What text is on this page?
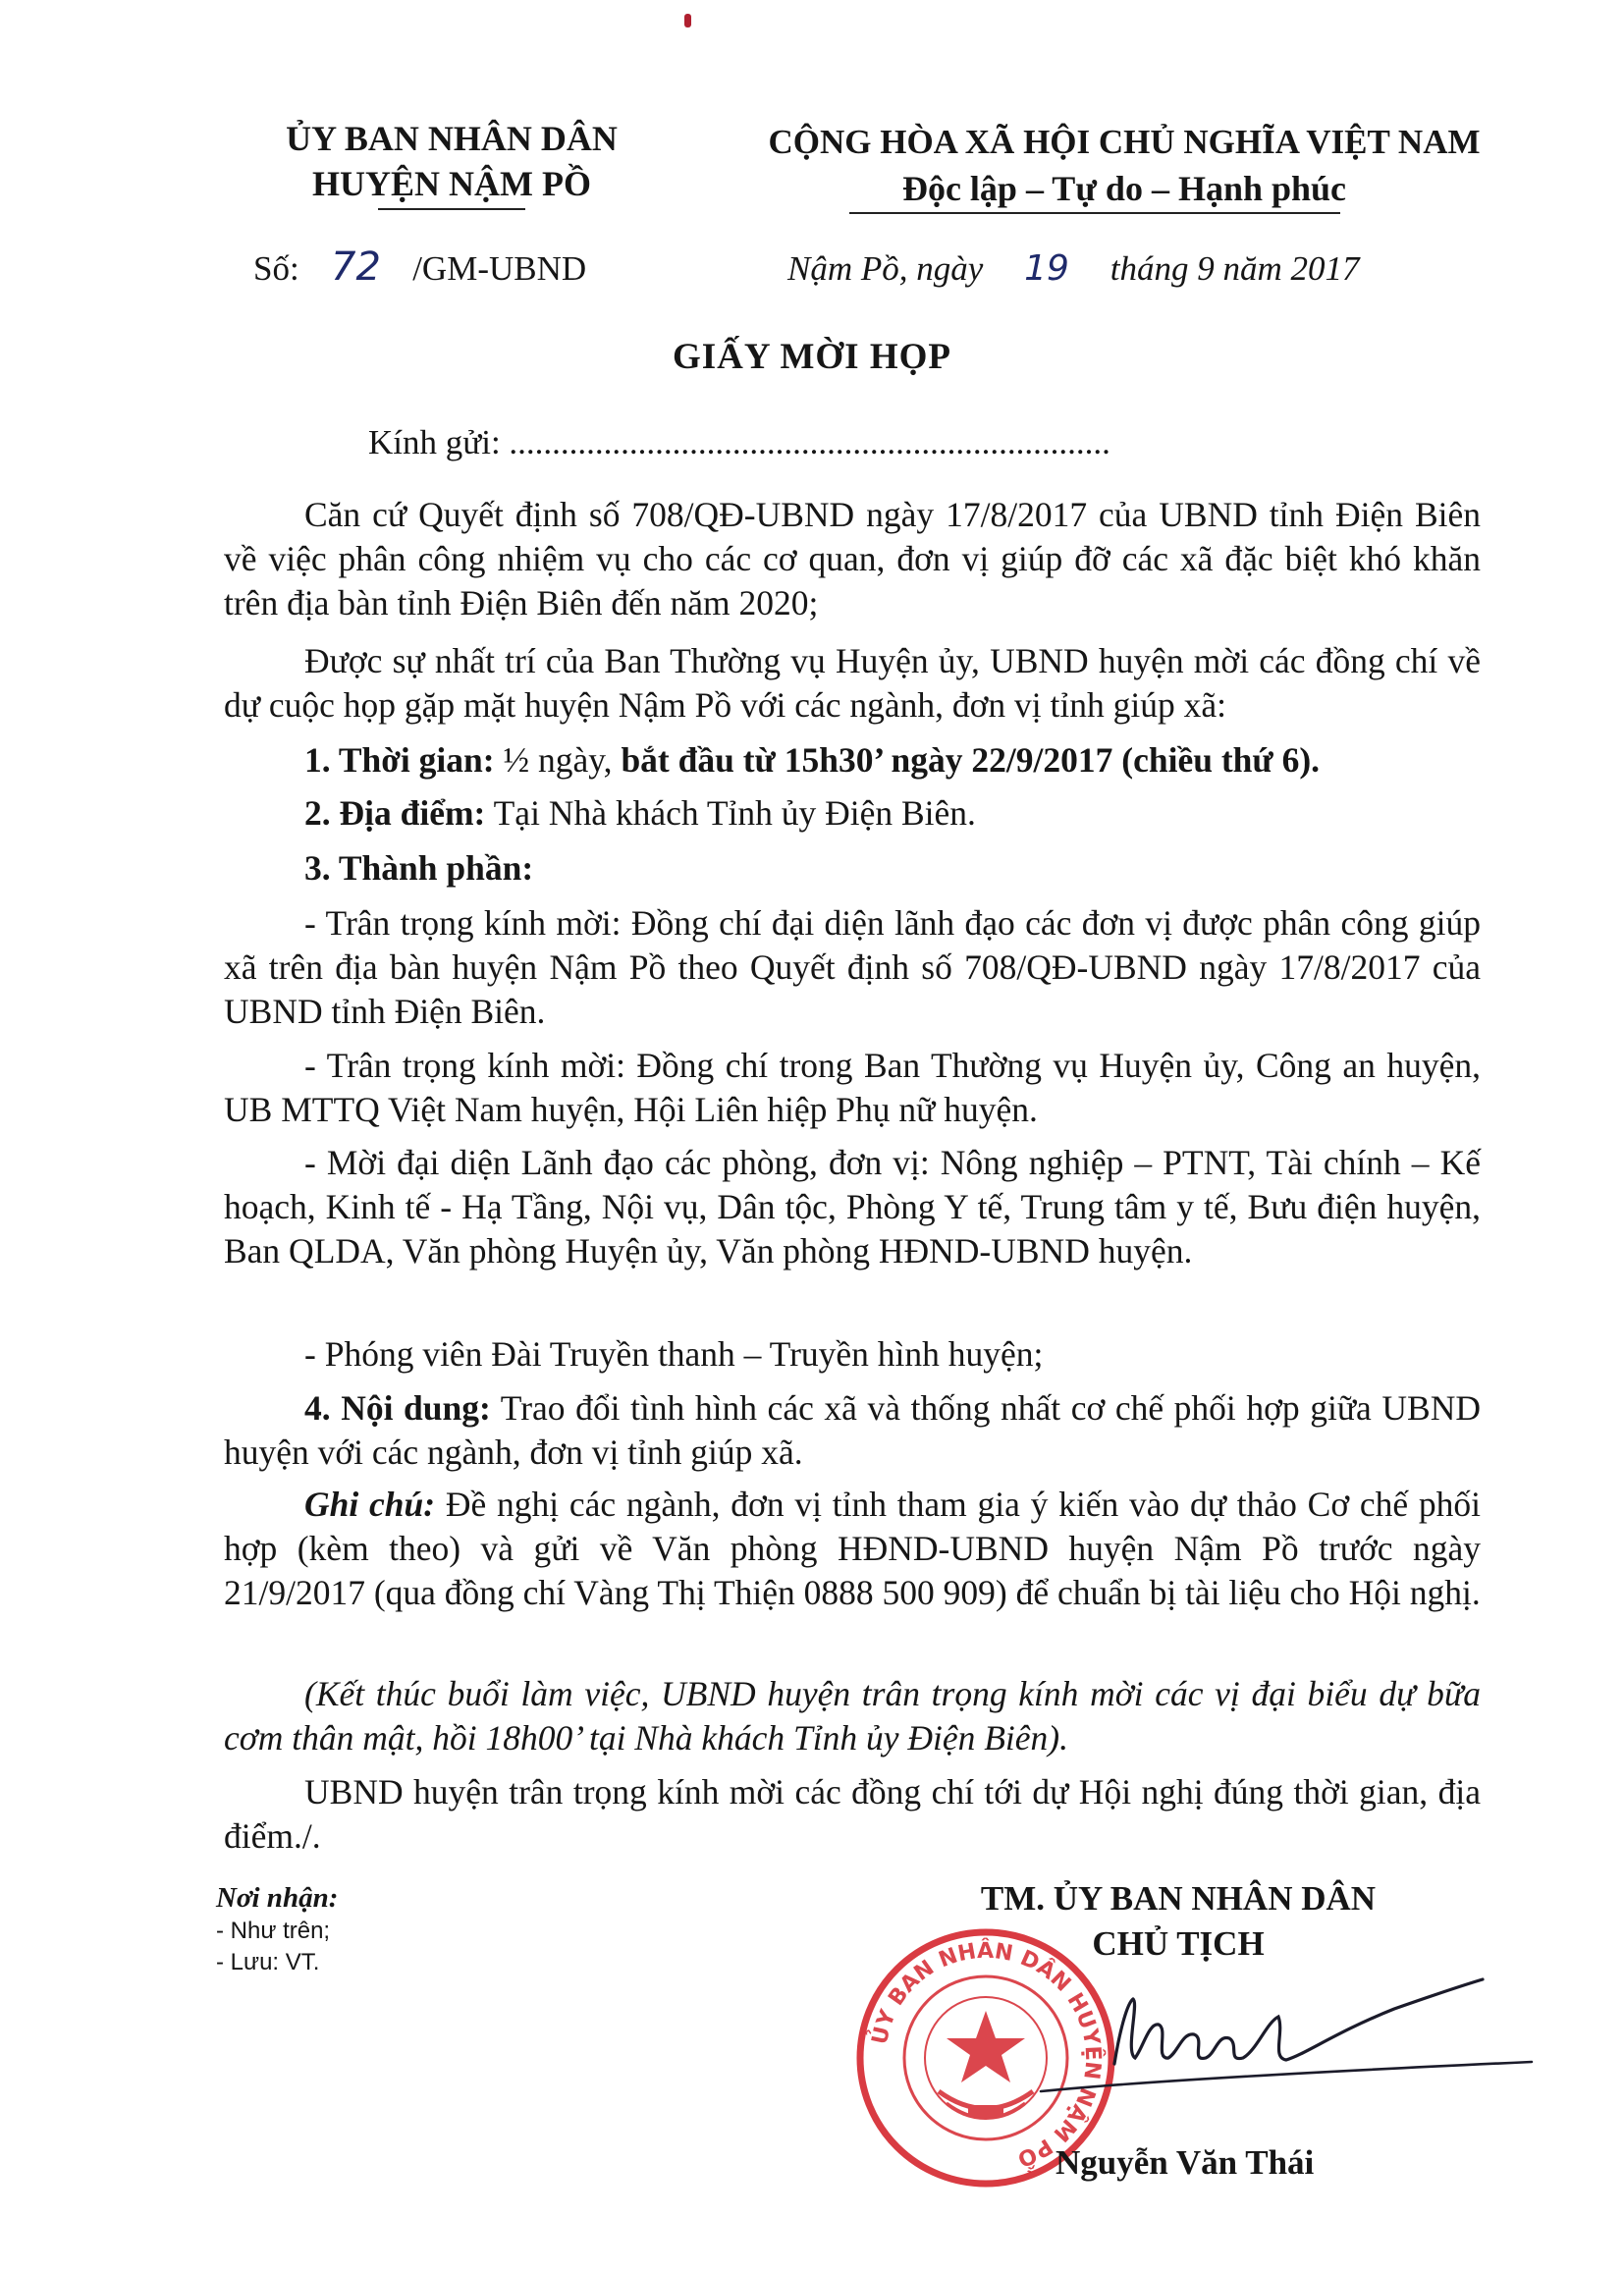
ỦY BAN NHÂN DÂN
HUYỆN NẬM PỒ
CỘNG HÒA XÃ HỘI CHỦ NGHĨA VIỆT NAM
Độc lập – Tự do – Hạnh phúc
Số: 72 /GM-UBND	Nậm Pồ, ngày 19 tháng 9 năm 2017
GIẤY MỜI HỌP
Kính gửi: ......................................................................
Căn cứ Quyết định số 708/QĐ-UBND ngày 17/8/2017 của UBND tỉnh Điện Biên về việc phân công nhiệm vụ cho các cơ quan, đơn vị giúp đỡ các xã đặc biệt khó khăn trên địa bàn tỉnh Điện Biên đến năm 2020;
Được sự nhất trí của Ban Thường vụ Huyện ủy, UBND huyện mời các đồng chí về dự cuộc họp gặp mặt huyện Nậm Pồ với các ngành, đơn vị tỉnh giúp xã:
1. Thời gian: ½ ngày, bắt đầu từ 15h30’ ngày 22/9/2017 (chiều thứ 6).
2. Địa điểm: Tại Nhà khách Tỉnh ủy Điện Biên.
3. Thành phần:
- Trân trọng kính mời: Đồng chí đại diện lãnh đạo các đơn vị được phân công giúp xã trên địa bàn huyện Nậm Pồ theo Quyết định số 708/QĐ-UBND ngày 17/8/2017 của UBND tỉnh Điện Biên.
- Trân trọng kính mời: Đồng chí trong Ban Thường vụ Huyện ủy, Công an huyện, UB MTTQ Việt Nam huyện, Hội Liên hiệp Phụ nữ huyện.
- Mời đại diện Lãnh đạo các phòng, đơn vị: Nông nghiệp – PTNT, Tài chính – Kế hoạch, Kinh tế - Hạ Tầng, Nội vụ, Dân tộc, Phòng Y tế, Trung tâm y tế, Bưu điện huyện, Ban QLDA, Văn phòng Huyện ủy, Văn phòng HĐND-UBND huyện.
- Phóng viên Đài Truyền thanh – Truyền hình huyện;
4. Nội dung: Trao đổi tình hình các xã và thống nhất cơ chế phối hợp giữa UBND huyện với các ngành, đơn vị tỉnh giúp xã.
Ghi chú: Đề nghị các ngành, đơn vị tỉnh tham gia ý kiến vào dự thảo Cơ chế phối hợp (kèm theo) và gửi về Văn phòng HĐND-UBND huyện Nậm Pồ trước ngày 21/9/2017 (qua đồng chí Vàng Thị Thiện 0888 500 909) để chuẩn bị tài liệu cho Hội nghị.
(Kết thúc buổi làm việc, UBND huyện trân trọng kính mời các vị đại biểu dự bữa cơm thân mật, hồi 18h00’ tại Nhà khách Tỉnh ủy Điện Biên).
UBND huyện trân trọng kính mời các đồng chí tới dự Hội nghị đúng thời gian, địa điểm./.
Nơi nhận:
- Như trên;
- Lưu: VT.
TM. ỦY BAN NHÂN DÂN
CHỦ TỊCH
ỦY BAN NHÂN DÂN HUYỆN NẬM PỒ Nguyễn Văn Thái
